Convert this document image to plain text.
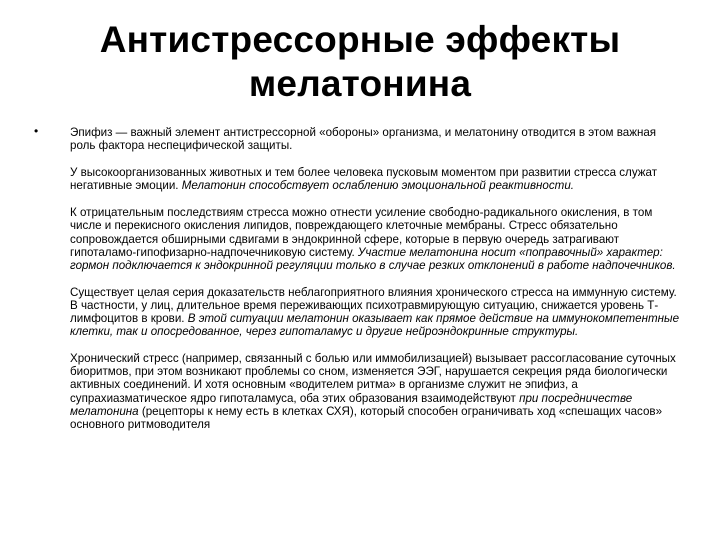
Антистрессорные эффекты
мелатонина
•	Эпифиз — важный элемент антистрессорной «обороны» организма, и мелатонину отводится в этом важная роль фактора неспецифической защиты.

У высокоорганизованных животных и тем более человека пусковым моментом при развитии стресса служат негативные эмоции. Мелатонин способствует ослаблению эмоциональной реактивности.

К отрицательным последствиям стресса можно отнести усиление свободно-радикального окисления, в том числе и перекисного окисления липидов, повреждающего клеточные мембраны. Стресс обязательно сопровождается обширными сдвигами в эндокринной сфере, которые в первую очередь затрагивают гипоталамо-гипофизарно-надпочечниковую систему. Участие мелатонина носит «поправочный» характер: гормон подключается к эндокринной регуляции только в случае резких отклонений в работе надпочечников.

Существует целая серия доказательств неблагоприятного влияния хронического стресса на иммунную систему. В частности, у лиц, длительное время переживающих психотравмирующую ситуацию, снижается уровень Т-лимфоцитов в крови. В этой ситуации мелатонин оказывает как прямое действие на иммунокомпетентные клетки, так и опосредованное, через гипоталамус и другие нейроэндокринные структуры.

Хронический стресс (например, связанный с болью или иммобилизацией) вызывает рассогласование суточных биоритмов, при этом возникают проблемы со сном, изменяется ЭЭГ, нарушается секреция ряда биологически активных соединений. И хотя основным «водителем ритма» в организме служит не эпифиз, а супрахиазматическое ядро гипоталамуса, оба этих образования взаимодействуют при посредничестве мелатонина (рецепторы к нему есть в клетках СХЯ), который способен ограничивать ход «спешащих часов» основного ритмоводителя
